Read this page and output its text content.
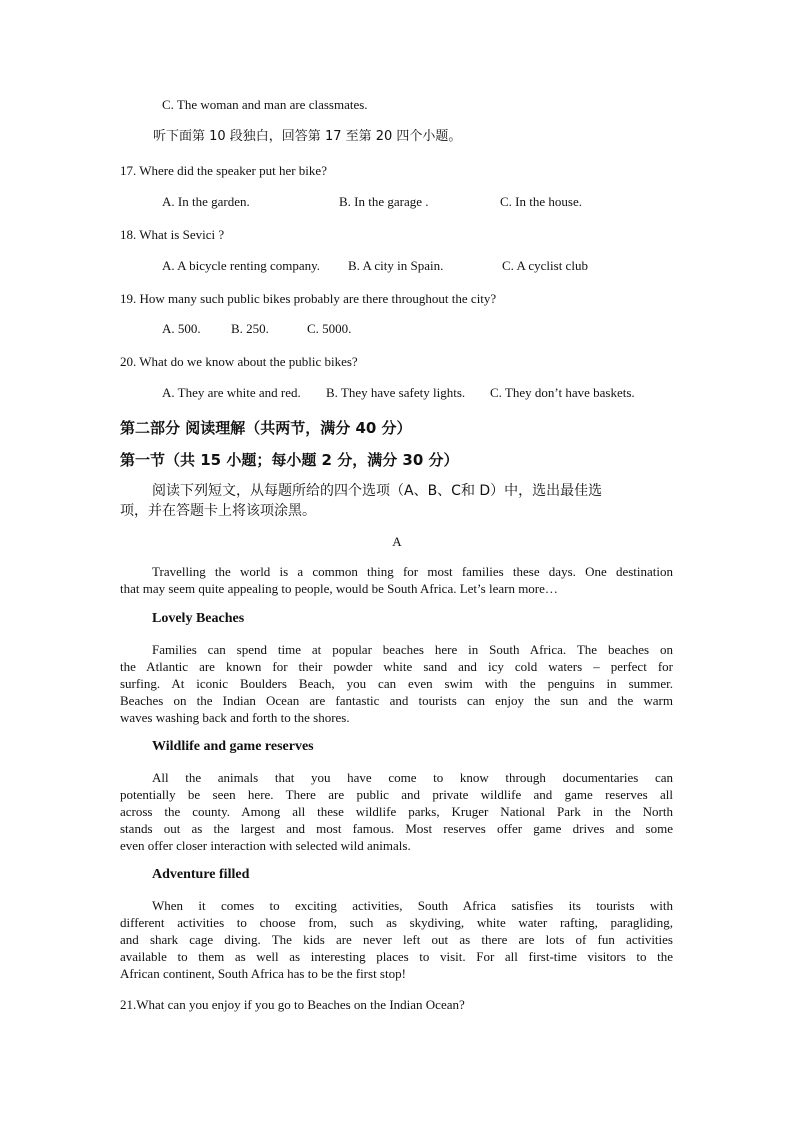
C. The woman and man are classmates.
听下面第 10 段独白，回答第 17 至第 20 四个小题。
17. Where did the speaker put her bike?
A. In the garden.	B. In the garage .	C. In the house.
18. What is Sevici ?
A. A bicycle renting company. B. A city in Spain.	C. A cyclist club
19. How many such public bikes probably are there throughout the city?
A. 500. B. 250.	C. 5000.
20. What do we know about the public bikes?
A. They are white and red. B. They have safety lights. C. They don’t have baskets.
第二部分 阅读理解（共两节，满分 40 分）
第一节（共 15 小题；每小题 2 分，满分 30 分）
阅读下列短文，从每题所给的四个选项（A、B、C和 D）中，选出最佳选
项，并在答题卡上将该项涂黑。
A
Travelling the world is a common thing for most families these days. One destination
that may seem quite appealing to people, would be South Africa. Let’s learn more…
Lovely Beaches
Families can spend time at popular beaches here in South Africa. The beaches on
the Atlantic are known for their powder white sand and icy cold waters – perfect for
surfing. At iconic Boulders Beach, you can even swim with the penguins in summer.
Beaches on the Indian Ocean are fantastic and tourists can enjoy the sun and the warm
waves washing back and forth to the shores.
Wildlife and game reserves
All the animals that you have come to know through documentaries can
potentially be seen here. There are public and private wildlife and game reserves all
across the county. Among all these wildlife parks, Kruger National Park in the North
stands out as the largest and most famous. Most reserves offer game drives and some
even offer closer interaction with selected wild animals.
Adventure filled
When it comes to exciting activities, South Africa satisfies its tourists with
different activities to choose from, such as skydiving, white water rafting, paragliding,
and shark cage diving. The kids are never left out as there are lots of fun activities
available to them as well as interesting places to visit. For all first-time visitors to the
African continent, South Africa has to be the first stop!
21.What can you enjoy if you go to Beaches on the Indian Ocean?
